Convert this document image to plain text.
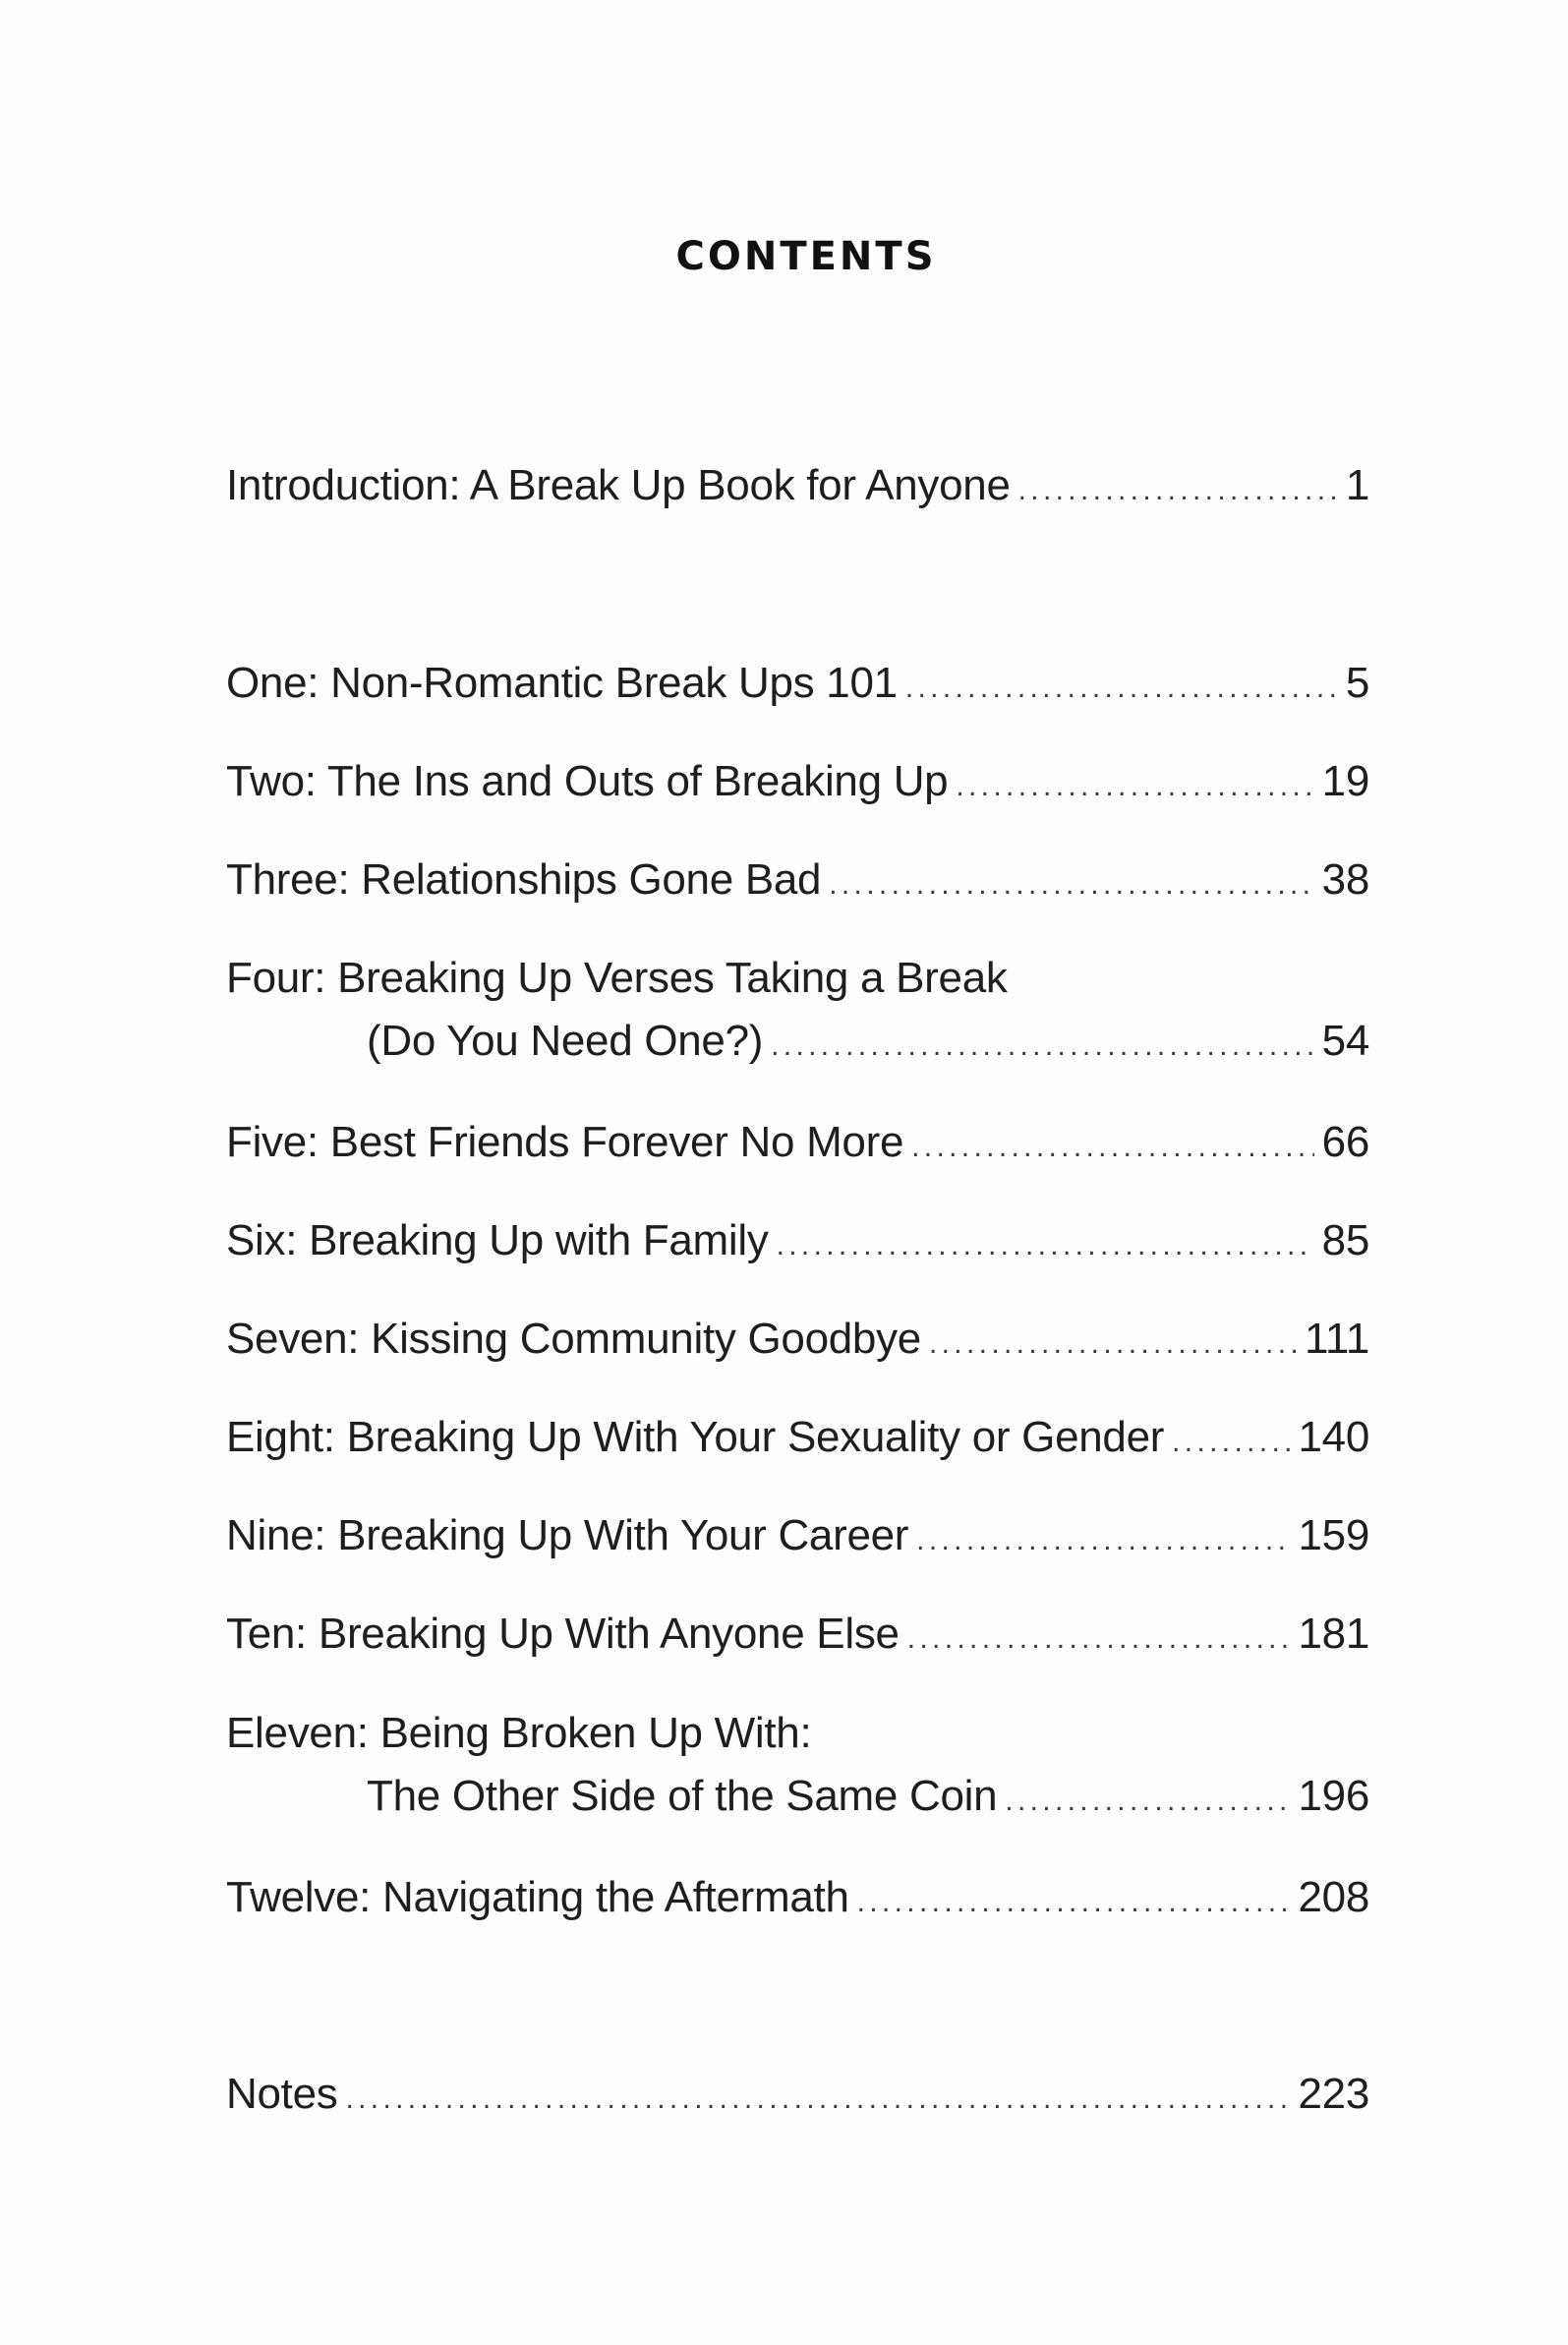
CONTENTS
Introduction: A Break Up Book for Anyone . . .	1
One: Non-Romantic Break Ups 101 . . .	5
Two: The Ins and Outs of Breaking Up . . .	19
Three: Relationships Gone Bad . . .	38
Four: Breaking Up Verses Taking a Break
(Do You Need One?) . . .	54
Five: Best Friends Forever No More . . .	66
Six: Breaking Up with Family . . .	85
Seven: Kissing Community Goodbye . . .	111
Eight: Breaking Up With Your Sexuality or Gender . . .	140
Nine: Breaking Up With Your Career . . .	159
Ten: Breaking Up With Anyone Else . . .	181
Eleven: Being Broken Up With:
The Other Side of the Same Coin . . .	196
Twelve: Navigating the Aftermath . . .	208
Notes . . .	223
